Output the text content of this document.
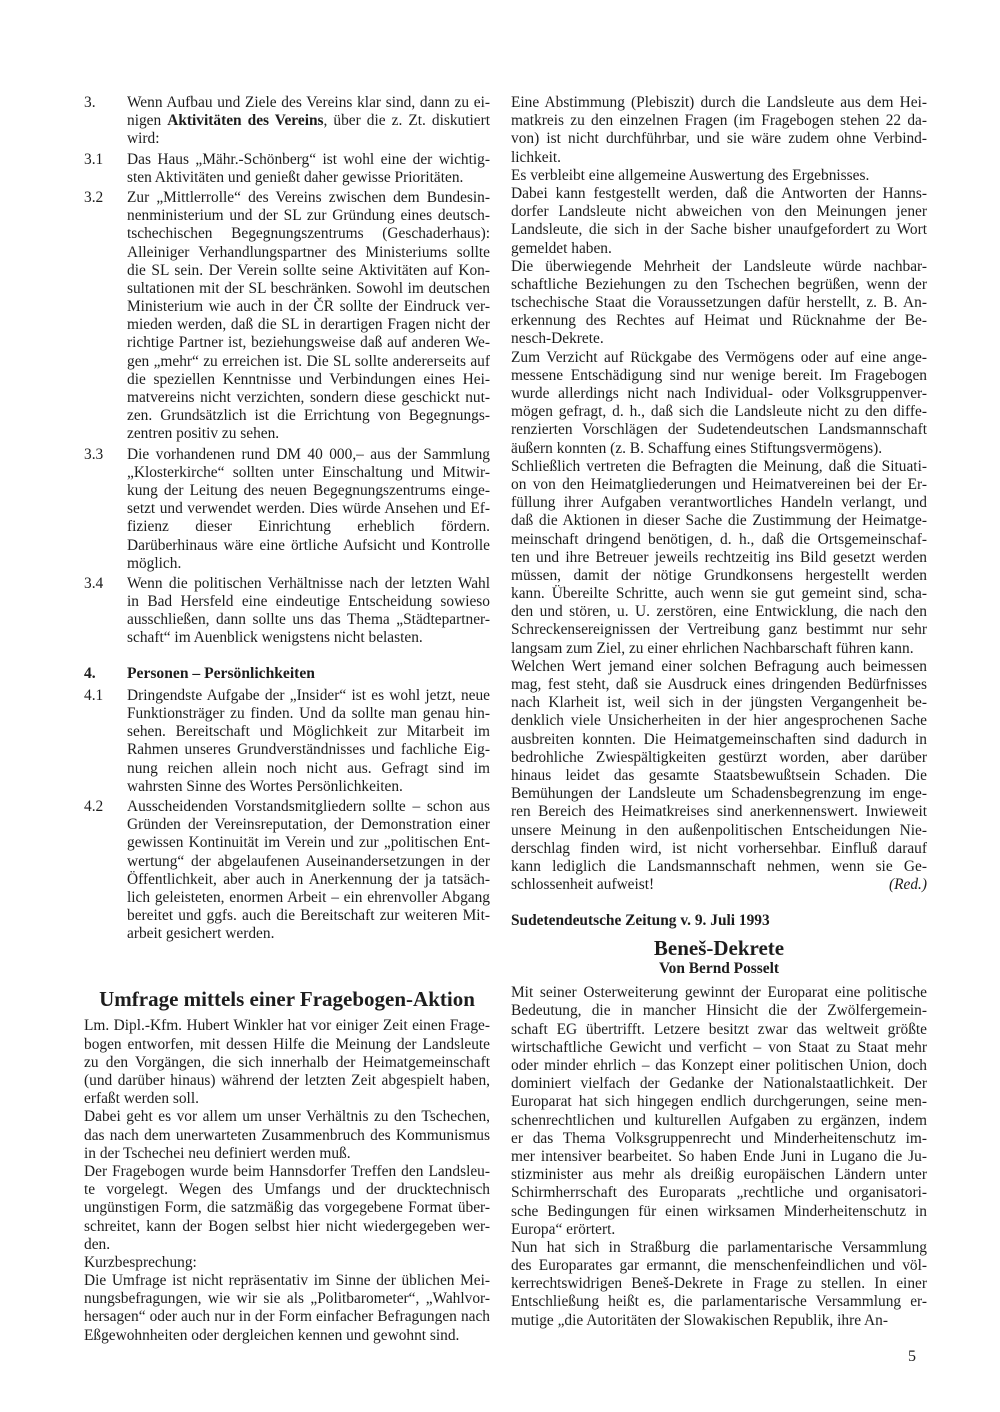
3. Wenn Aufbau und Ziele des Vereins klar sind, dann zu ei-
nigen Aktivitäten des Vereins, über die z. Zt. diskutiert
wird:
3.1 Das Haus „Mähr.-Schönberg“ ist wohl eine der wichtig-
sten Aktivitäten und genießt daher gewisse Prioritäten.
3.2 Zur „Mittlerrolle“ des Vereins zwischen dem Bundesin-
nenministerium und der SL zur Gründung eines deutsch-
tschechischen Begegnungszentrums (Geschaderhaus):
Alleiniger Verhandlungspartner des Ministeriums sollte
die SL sein. Der Verein sollte seine Aktivitäten auf Kon-
sultationen mit der SL beschränken. Sowohl im deutschen
Ministerium wie auch in der ČR sollte der Eindruck ver-
mieden werden, daß die SL in derartigen Fragen nicht der
richtige Partner ist, beziehungsweise daß auf anderen We-
gen „mehr“ zu erreichen ist. Die SL sollte andererseits auf
die speziellen Kenntnisse und Verbindungen eines Hei-
matvereins nicht verzichten, sondern diese geschickt nut-
zen. Grundsätzlich ist die Errichtung von Begegnungs-
zentren positiv zu sehen.
3.3 Die vorhandenen rund DM 40 000,– aus der Sammlung
„Klosterkirche“ sollten unter Einschaltung und Mitwir-
kung der Leitung des neuen Begegnungszentrums einge-
setzt und verwendet werden. Dies würde Ansehen und Ef-
fizienz dieser Einrichtung erheblich fördern.
Darüberhinaus wäre eine örtliche Aufsicht und Kontrolle
möglich.
3.4 Wenn die politischen Verhältnisse nach der letzten Wahl
in Bad Hersfeld eine eindeutige Entscheidung sowieso
ausschließen, dann sollte uns das Thema „Städtepartner-
schaft“ im Auenblick wenigstens nicht belasten.
4. Personen – Persönlichkeiten
4.1 Dringendste Aufgabe der „Insider“ ist es wohl jetzt, neue
Funktionsträger zu finden. Und da sollte man genau hin-
sehen. Bereitschaft und Möglichkeit zur Mitarbeit im
Rahmen unseres Grundverständnisses und fachliche Eig-
nung reichen allein noch nicht aus. Gefragt sind im
wahrsten Sinne des Wortes Persönlichkeiten.
4.2 Ausscheidenden Vorstandsmitgliedern sollte – schon aus
Gründen der Vereinsreputation, der Demonstration einer
gewissen Kontinuität im Verein und zur „politischen Ent-
wertung“ der abgelaufenen Auseinandersetzungen in der
Öffentlichkeit, aber auch in Anerkennung der ja tatsäch-
lich geleisteten, enormen Arbeit – ein ehrenvoller Abgang
bereitet und ggfs. auch die Bereitschaft zur weiteren Mit-
arbeit gesichert werden.
Umfrage mittels einer Fragebogen-Aktion
Lm. Dipl.-Kfm. Hubert Winkler hat vor einiger Zeit einen Frage-
bogen entworfen, mit dessen Hilfe die Meinung der Landsleute
zu den Vorgängen, die sich innerhalb der Heimatgemeinschaft
(und darüber hinaus) während der letzten Zeit abgespielt haben,
erfaßt werden soll.
Dabei geht es vor allem um unser Verhältnis zu den Tschechen,
das nach dem unerwarteten Zusammenbruch des Kommunismus
in der Tschechei neu definiert werden muß.
Der Fragebogen wurde beim Hannsdorfer Treffen den Landsleu-
te vorgelegt. Wegen des Umfangs und der drucktechnisch
ungünstigen Form, die satzmäßig das vorgegebene Format über-
schreitet, kann der Bogen selbst hier nicht wiedergegeben wer-
den.
Kurzbesprechung:
Die Umfrage ist nicht repräsentativ im Sinne der üblichen Mei-
nungsbefragungen, wie wir sie als „Politbarometer“, „Wahlvor-
hersagen“ oder auch nur in der Form einfacher Befragungen nach
Eßgewohnheiten oder dergleichen kennen und gewohnt sind.
Eine Abstimmung (Plebiszit) durch die Landsleute aus dem Hei-
matkreis zu den einzelnen Fragen (im Fragebogen stehen 22 da-
von) ist nicht durchführbar, und sie wäre zudem ohne Verbind-
lichkeit.
Es verbleibt eine allgemeine Auswertung des Ergebnisses.
Dabei kann festgestellt werden, daß die Antworten der Hanns-
dorfer Landsleute nicht abweichen von den Meinungen jener
Landsleute, die sich in der Sache bisher unaufgefordert zu Wort
gemeldet haben.
Die überwiegende Mehrheit der Landsleute würde nachbar-
schaftliche Beziehungen zu den Tschechen begrüßen, wenn der
tschechische Staat die Voraussetzungen dafür herstellt, z. B. An-
erkennung des Rechtes auf Heimat und Rücknahme der Be-
nesch-Dekrete.
Zum Verzicht auf Rückgabe des Vermögens oder auf eine ange-
messene Entschädigung sind nur wenige bereit. Im Fragebogen
wurde allerdings nicht nach Individual- oder Volksgruppenver-
mögen gefragt, d. h., daß sich die Landsleute nicht zu den diffe-
renzierten Vorschlägen der Sudetendeutschen Landsmannschaft
äußern konnten (z. B. Schaffung eines Stiftungsvermögens).
Schließlich vertreten die Befragten die Meinung, daß die Situati-
on von den Heimatgliederungen und Heimatvereinen bei der Er-
füllung ihrer Aufgaben verantwortliches Handeln verlangt, und
daß die Aktionen in dieser Sache die Zustimmung der Heimatge-
meinschaft dringend benötigen, d. h., daß die Ortsgemeinschaf-
ten und ihre Betreuer jeweils rechtzeitig ins Bild gesetzt werden
müssen, damit der nötige Grundkonsens hergestellt werden
kann. Übereilte Schritte, auch wenn sie gut gemeint sind, scha-
den und stören, u. U. zerstören, eine Entwicklung, die nach den
Schreckensereignissen der Vertreibung ganz bestimmt nur sehr
langsam zum Ziel, zu einer ehrlichen Nachbarschaft führen kann.
Welchen Wert jemand einer solchen Befragung auch beimessen
mag, fest steht, daß sie Ausdruck eines dringenden Bedürfnisses
nach Klarheit ist, weil sich in der jüngsten Vergangenheit be-
denklich viele Unsicherheiten in der hier angesprochenen Sache
ausbreiten konnten. Die Heimatgemeinschaften sind dadurch in
bedrohliche Zwiespältigkeiten gestürzt worden, aber darüber
hinaus leidet das gesamte Staatsbewußtsein Schaden. Die
Bemühungen der Landsleute um Schadensbegrenzung im enge-
ren Bereich des Heimatkreises sind anerkennenswert. Inwieweit
unsere Meinung in den außenpolitischen Entscheidungen Nie-
derschlag finden wird, ist nicht vorhersehbar. Einfluß darauf
kann lediglich die Landsmannschaft nehmen, wenn sie Ge-
schlossenheit aufweist!	(Red.)
Sudetendeutsche Zeitung v. 9. Juli 1993
Beneš-Dekrete
Von Bernd Posselt
Mit seiner Osterweiterung gewinnt der Europarat eine politische
Bedeutung, die in mancher Hinsicht die der Zwölfergemein-
schaft EG übertrifft. Letzere besitzt zwar das weltweit größte
wirtschaftliche Gewicht und verficht – von Staat zu Staat mehr
oder minder ehrlich – das Konzept einer politischen Union, doch
dominiert vielfach der Gedanke der Nationalstaatlichkeit. Der
Europarat hat sich hingegen endlich durchgerungen, seine men-
schenrechtlichen und kulturellen Aufgaben zu ergänzen, indem
er das Thema Volksgruppenrecht und Minderheitenschutz im-
mer intensiver bearbeitet. So haben Ende Juni in Lugano die Ju-
stizminister aus mehr als dreißig europäischen Ländern unter
Schirmherrschaft des Europarats „rechtliche und organisatori-
sche Bedingungen für einen wirksamen Minderheitenschutz in
Europa“ erörtert.
Nun hat sich in Straßburg die parlamentarische Versammlung
des Europarates gar ermannt, die menschenfeindlichen und völ-
kerrechtswidrigen Beneš-Dekrete in Frage zu stellen. In einer
Entschließung heißt es, die parlamentarische Versammlung er-
mutige „die Autoritäten der Slowakischen Republik, ihre An-
5
